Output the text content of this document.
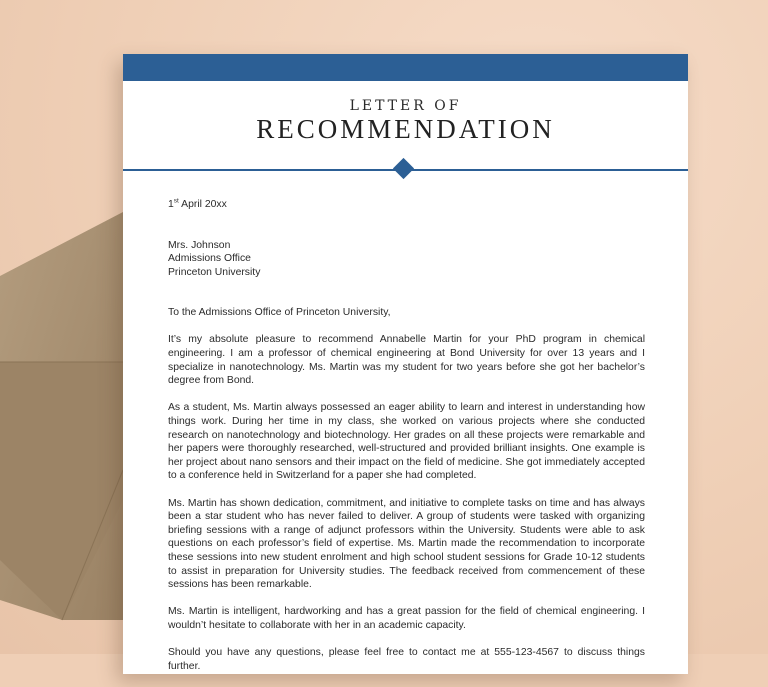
LETTER OF
RECOMMENDATION

1st April 20xx

Mrs. Johnson

Admissions Office

Princeton University

To the Admissions Office of Princeton University,

It’s my absolute pleasure to recommend Annabelle Martin for your PhD program in chemical engineering. I am a professor of chemical engineering at Bond University for over 13 years and I specialize in nanotechnology. Ms. Martin was my student for two years before she got her bachelor’s degree from Bond.

As a student, Ms. Martin always possessed an eager ability to learn and interest in understanding how things work. During her time in my class, she worked on various projects where she conducted research on nanotechnology and biotechnology. Her grades on all these projects were remarkable and her papers were thoroughly researched, well-structured and provided brilliant insights. One example is her project about nano sensors and their impact on the field of medicine. She got immediately accepted to a conference held in Switzerland for a paper she had completed.

Ms. Martin has shown dedication, commitment, and initiative to complete tasks on time and has always been a star student who has never failed to deliver. A group of students were tasked with organizing briefing sessions with a range of adjunct professors within the University. Students were able to ask questions on each professor’s field of expertise. Ms. Martin made the recommendation to incorporate these sessions into new student enrolment and high school student sessions for Grade 10-12 students to assist in preparation for University studies. The feedback received from commencement of these sessions has been remarkable.

Ms. Martin is intelligent, hardworking and has a great passion for the field of chemical engineering. I wouldn’t hesitate to collaborate with her in an academic capacity.

Should you have any questions, please feel free to contact me at 555-123-4567 to discuss things further.
